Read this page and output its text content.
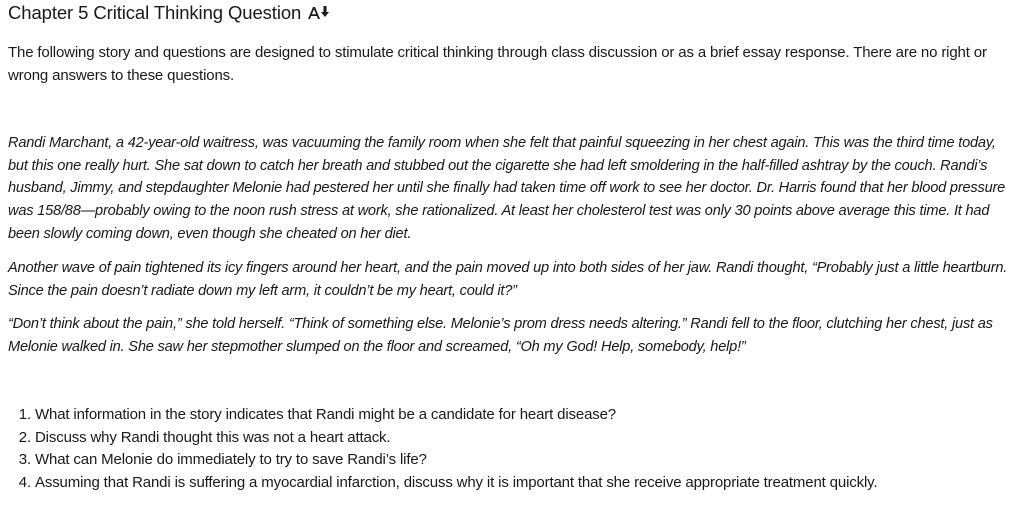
Chapter 5 Critical Thinking Question

The following story and questions are designed to stimulate critical thinking through class discussion or as a brief essay response. There are no right or wrong answers to these questions.

Randi Marchant, a 42-year-old waitress, was vacuuming the family room when she felt that painful squeezing in her chest again. This was the third time today, but this one really hurt. She sat down to catch her breath and stubbed out the cigarette she had left smoldering in the half-filled ashtray by the couch. Randi’s husband, Jimmy, and stepdaughter Melonie had pestered her until she finally had taken time off work to see her doctor. Dr. Harris found that her blood pressure was 158/88—probably owing to the noon rush stress at work, she rationalized. At least her cholesterol test was only 30 points above average this time. It had been slowly coming down, even though she cheated on her diet.

Another wave of pain tightened its icy fingers around her heart, and the pain moved up into both sides of her jaw. Randi thought, “Probably just a little heartburn. Since the pain doesn’t radiate down my left arm, it couldn’t be my heart, could it?”

“Don’t think about the pain,” she told herself. “Think of something else. Melonie’s prom dress needs altering.” Randi fell to the floor, clutching her chest, just as Melonie walked in. She saw her stepmother slumped on the floor and screamed, “Oh my God! Help, somebody, help!”

1. What information in the story indicates that Randi might be a candidate for heart disease?
2. Discuss why Randi thought this was not a heart attack.
3. What can Melonie do immediately to try to save Randi’s life?
4. Assuming that Randi is suffering a myocardial infarction, discuss why it is important that she receive appropriate treatment quickly.
